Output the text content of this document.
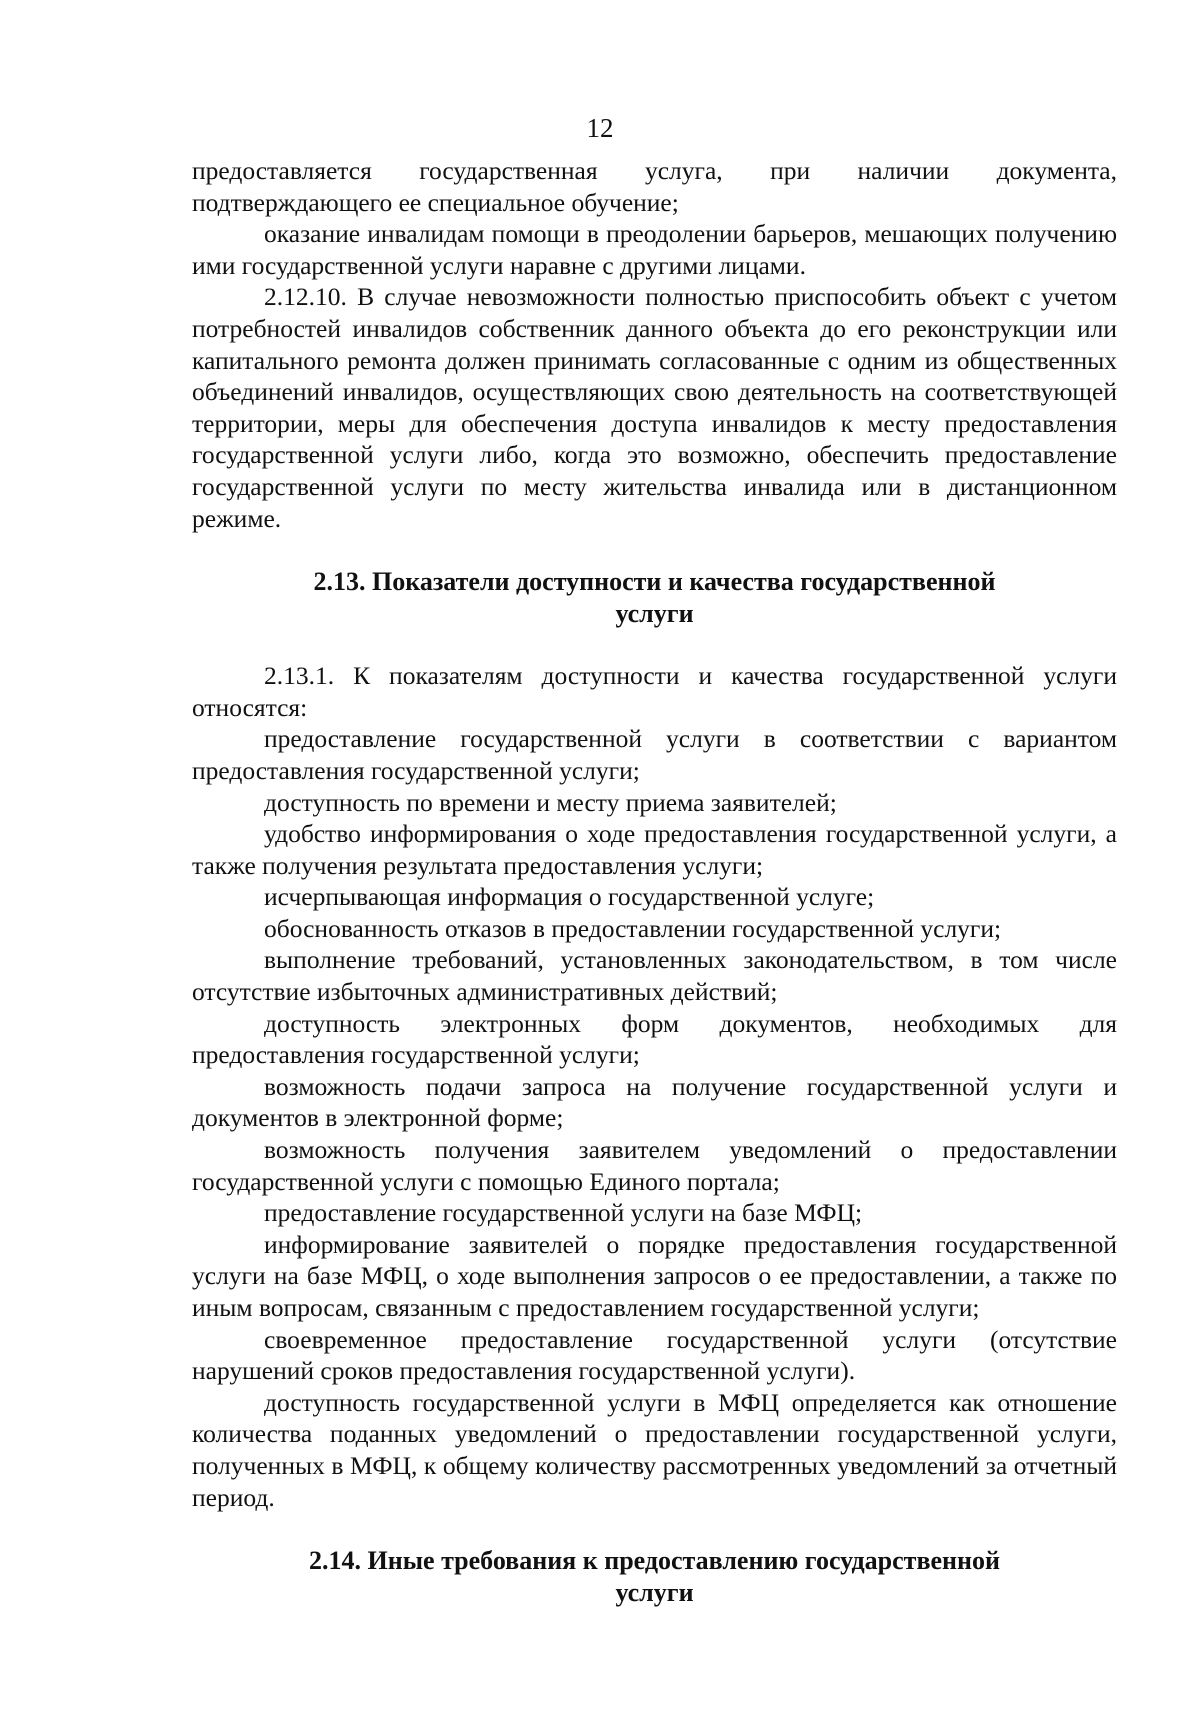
12

предоставляется государственная услуга, при наличии документа, подтверждающего ее специальное обучение;

оказание инвалидам помощи в преодолении барьеров, мешающих получению ими государственной услуги наравне с другими лицами.

2.12.10. В случае невозможности полностью приспособить объект с учетом потребностей инвалидов собственник данного объекта до его реконструкции или капитального ремонта должен принимать согласованные с одним из общественных объединений инвалидов, осуществляющих свою деятельность на соответствующей территории, меры для обеспечения доступа инвалидов к месту предоставления государственной услуги либо, когда это возможно, обеспечить предоставление государственной услуги по месту жительства инвалида или в дистанционном режиме.

2.13. Показатели доступности и качества государственной

услуги

2.13.1. К показателям доступности и качества государственной услуги относятся:

предоставление государственной услуги в соответствии с вариантом предоставления государственной услуги;

доступность по времени и месту приема заявителей;

удобство информирования о ходе предоставления государственной услуги, а также получения результата предоставления услуги;

исчерпывающая информация о государственной услуге;

обоснованность отказов в предоставлении государственной услуги;

выполнение требований, установленных законодательством, в том числе отсутствие избыточных административных действий;

доступность электронных форм документов, необходимых для предоставления государственной услуги;

возможность подачи запроса на получение государственной услуги и документов в электронной форме;

возможность получения заявителем уведомлений о предоставлении государственной услуги с помощью Единого портала;

предоставление государственной услуги на базе МФЦ;

информирование заявителей о порядке предоставления государственной услуги на базе МФЦ, о ходе выполнения запросов о ее предоставлении, а также по иным вопросам, связанным с предоставлением государственной услуги;

своевременное предоставление государственной услуги (отсутствие нарушений сроков предоставления государственной услуги).

доступность государственной услуги в МФЦ определяется как отношение количества поданных уведомлений о предоставлении государственной услуги, полученных в МФЦ, к общему количеству рассмотренных уведомлений за отчетный период.

2.14. Иные требования к предоставлению государственной

услуги
